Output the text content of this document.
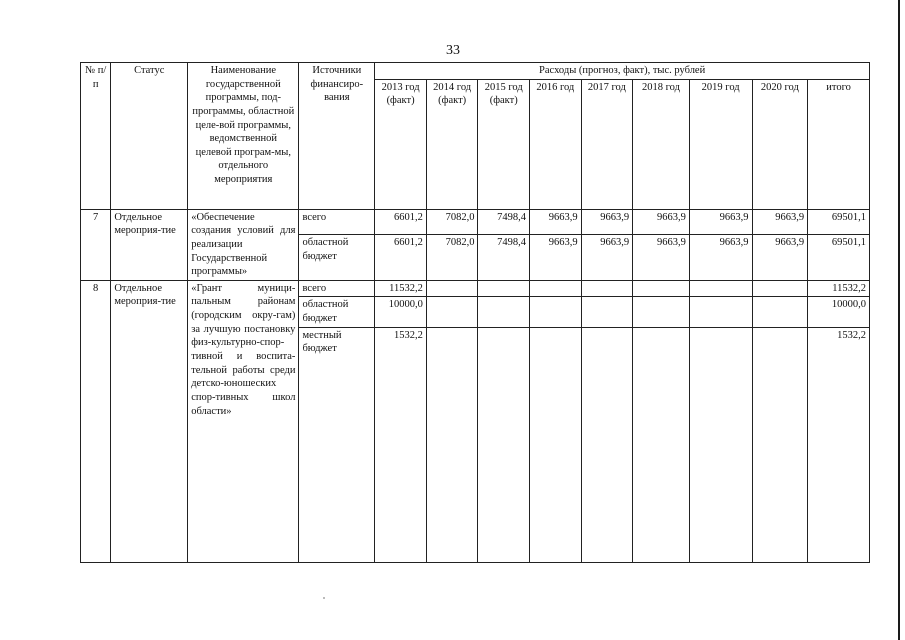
33
№ п/п	Статус	Наименование государственной программы, под-программы, областной целе-вой программы, ведомственной целевой програм-мы, отдельного мероприятия	Источники финансиро-вания	Расходы (прогноз, факт), тыс. рублей								
				2013 год (факт)	2014 год (факт)	2015 год (факт)	2016 год	2017 год	2018 год	2019 год	2020 год	итого
7	Отдельное мероприя-тие	«Обеспечение создания условий для реализации Государственной программы»	всего	6601,2	7082,0	7498,4	9663,9	9663,9	9663,9	9663,9	9663,9	69501,1
			областной бюджет	6601,2	7082,0	7498,4	9663,9	9663,9	9663,9	9663,9	9663,9	69501,1
8	Отдельное мероприя-тие	«Грант муници-пальным районам (городским окру-гам) за лучшую постановку физ-культурно-спор-тивной и воспита-тельной работы среди детско-юношеских спор-тивных школ области»	всего	11532,2								11532,2
			областной бюджет	10000,0								10000,0
			местный бюджет	1532,2								1532,2
